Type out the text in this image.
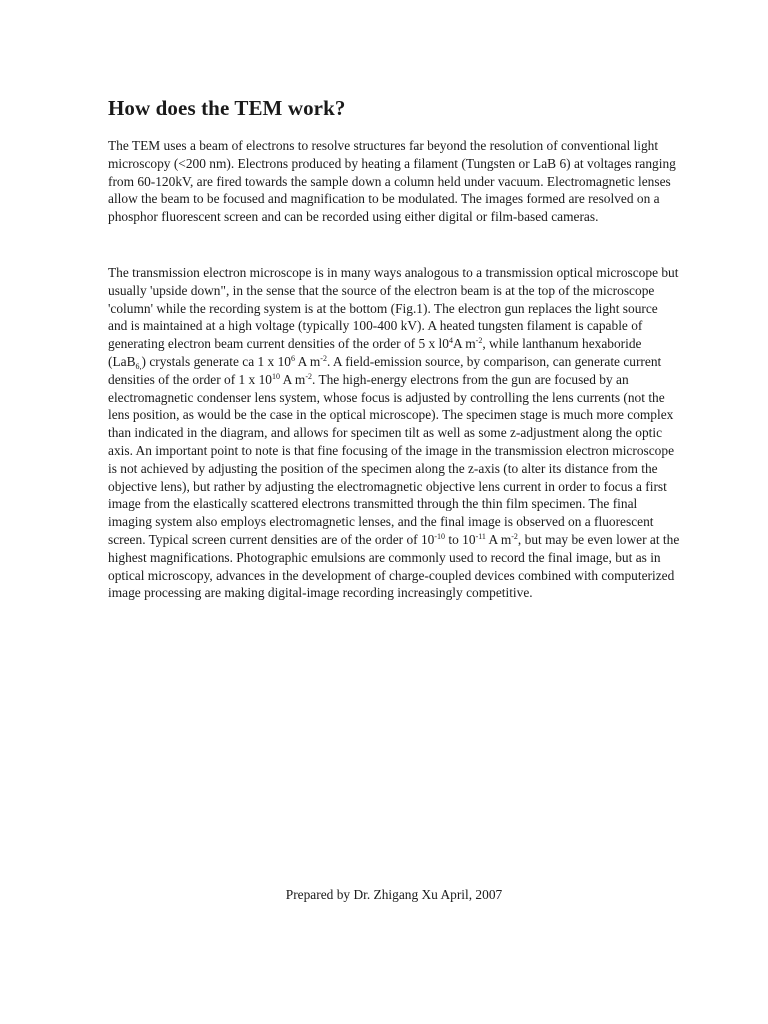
How does the TEM work?

The TEM uses a beam of electrons to resolve structures far beyond the resolution of conventional light microscopy (<200 nm). Electrons produced by heating a filament (Tungsten or LaB 6) at voltages ranging from 60-120kV, are fired towards the sample down a column held under vacuum. Electromagnetic lenses allow the beam to be focused and magnification to be modulated. The images formed are resolved on a phosphor fluorescent screen and can be recorded using either digital or film-based cameras.

The transmission electron microscope is in many ways analogous to a transmission optical microscope but usually 'upside down", in the sense that the source of the electron beam is at the top of the microscope 'column' while the recording system is at the bottom (Fig.1). The electron gun replaces the light source and is maintained at a high voltage (typically 100-400 kV). A heated tungsten filament is capable of generating electron beam current densities of the order of 5 x $l0^4A$ $m^{-2}$, while lanthanum hexaboride (LaB$_{6,}$) crystals generate ca 1 x $10^6$ A $m^{-2}$. A field-emission source, by comparison, can generate current densities of the order of 1 x $10^{10}$ A $m^{-2}$. The high-energy electrons from the gun are focused by an electromagnetic condenser lens system, whose focus is adjusted by controlling the lens currents (not the lens position, as would be the case in the optical microscope). The specimen stage is much more complex than indicated in the diagram, and allows for specimen tilt as well as some z-adjustment along the optic axis. An important point to note is that fine focusing of the image in the transmission electron microscope is not achieved by adjusting the position of the specimen along the z-axis (to alter its distance from the objective lens), but rather by adjusting the electromagnetic objective lens current in order to focus a first image from the elastically scattered electrons transmitted through the thin film specimen. The final imaging system also employs electromagnetic lenses, and the final image is observed on a fluorescent screen. Typical screen current densities are of the order of $10^{-10}$ to $10^{-11}$ A $m^{-2}$, but may be even lower at the highest magnifications. Photographic emulsions are commonly used to record the final image, but as in optical microscopy, advances in the development of charge-coupled devices combined with computerized image processing are making digital-image recording increasingly competitive.

Prepared by Dr. Zhigang Xu April, 2007
